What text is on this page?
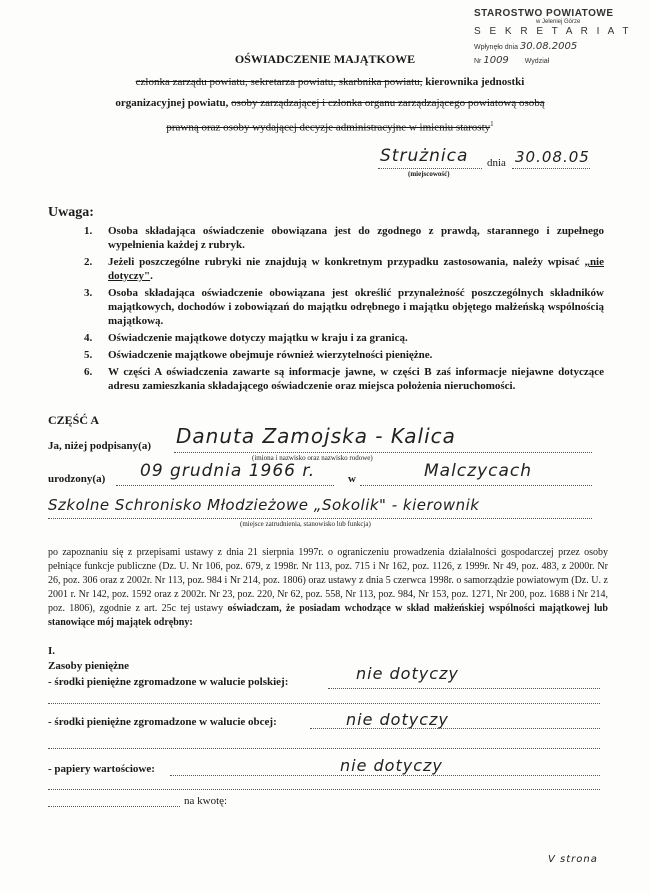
STAROSTWO POWIATOWE
w Jeleniej Górze
S E K R E T A R I A T
Wpłynęło dnia 30.08.2005
Nr 1009 Wydział
OŚWIADCZENIE MAJĄTKOWE
członka zarządu powiatu, sekretarza powiatu, skarbnika powiatu, kierownika jednostki
organizacyjnej powiatu, osoby zarządzającej i członka organu zarządzającego powiatową osobą
prawną oraz osoby wydającej decyzje administracyjne w imieniu starosty$^1$
Strużnica dnia 30.08.05
(miejscowość)
Uwaga:
1. Osoba składająca oświadczenie obowiązana jest do zgodnego z prawdą, starannego i zupełnego wypełnienia każdej z rubryk.
2. Jeżeli poszczególne rubryki nie znajdują w konkretnym przypadku zastosowania, należy wpisać „nie dotyczy".
3. Osoba składająca oświadczenie obowiązana jest określić przynależność poszczególnych składników majątkowych, dochodów i zobowiązań do majątku odrębnego i majątku objętego małżeńską wspólnością majątkową.
4. Oświadczenie majątkowe dotyczy majątku w kraju i za granicą.
5. Oświadczenie majątkowe obejmuje również wierzytelności pieniężne.
6. W części A oświadczenia zawarte są informacje jawne, w części B zaś informacje niejawne dotyczące adresu zamieszkania składającego oświadczenie oraz miejsca położenia nieruchomości.
CZĘŚĆ A
Ja, niżej podpisany(a) Danuta Zamojska - Kalica
(imiona i nazwisko oraz nazwisko rodowe)
urodzony(a) 09 grudnia 1966 r.	w	Malczycach
Szkolne Schronisko Młodzieżowe „Sokolik" - kierownik
(miejsce zatrudnienia, stanowisko lub funkcja)
po zapoznaniu się z przepisami ustawy z dnia 21 sierpnia 1997r. o ograniczeniu prowadzenia działalności gospodarczej przez osoby pełniące funkcje publiczne (Dz. U. Nr 106, poz. 679, z 1998r. Nr 113, poz. 715 i Nr 162, poz. 1126, z 1999r. Nr 49, poz. 483, z 2000r. Nr 26, poz. 306 oraz z 2002r. Nr 113, poz. 984 i Nr 214, poz. 1806) oraz ustawy z dnia 5 czerwca 1998r. o samorządzie powiatowym (Dz. U. z 2001 r. Nr 142, poz. 1592 oraz z 2002r. Nr 23, poz. 220, Nr 62, poz. 558, Nr 113, poz. 984, Nr 153, poz. 1271, Nr 200, poz. 1688 i Nr 214, poz. 1806), zgodnie z art. 25c tej ustawy oświadczam, że posiadam wchodzące w skład małżeńskiej wspólności majątkowej lub stanowiące mój majątek odrębny:
I.
Zasoby pieniężne
- środki pieniężne zgromadzone w walucie polskiej:	nie dotyczy
- środki pieniężne zgromadzone w walucie obcej:	nie dotyczy
- papiery wartościowe:	nie dotyczy
na kwotę:
V strona
